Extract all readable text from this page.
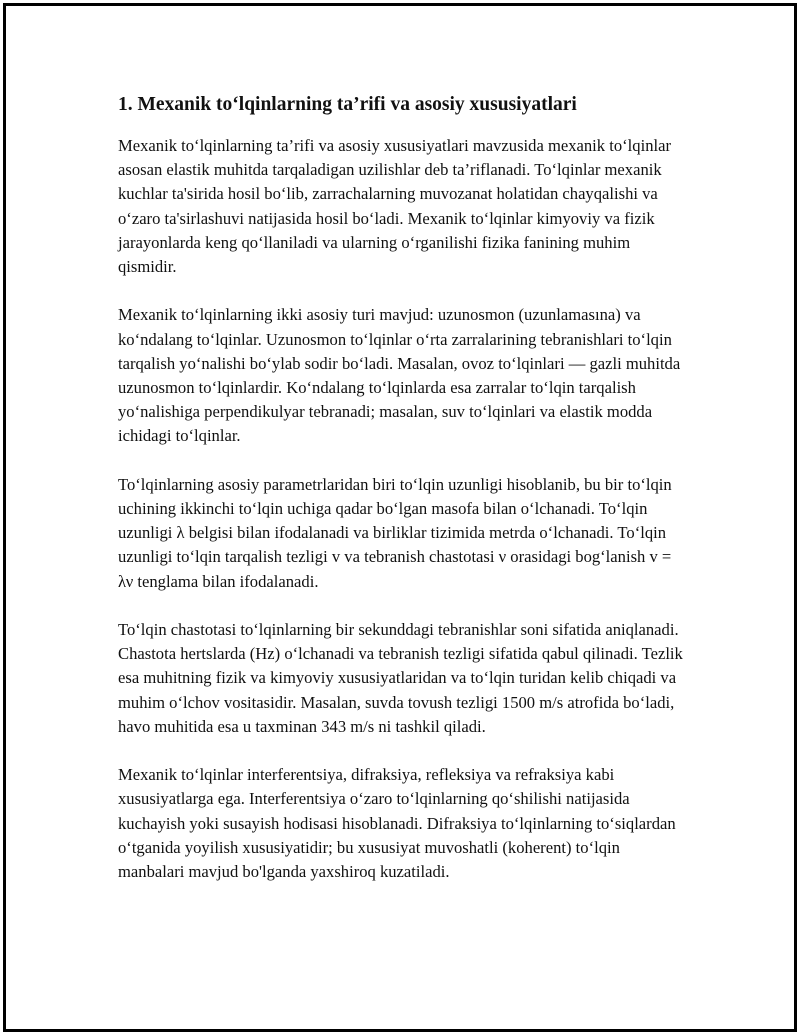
1. Mexanik to‘lqinlarning ta’rifi va asosiy xususiyatlari

Mexanik to‘lqinlarning ta’rifi va asosiy xususiyatlari mavzusida mexanik to‘lqinlar asosan elastik muhitda tarqaladigan uzilishlar deb ta’riflanadi. To‘lqinlar mexanik kuchlar ta'sirida hosil bo‘lib, zarrachalarning muvozanat holatidan chayqalishi va o‘zaro ta'sirlashuvi natijasida hosil bo‘ladi. Mexanik to‘lqinlar kimyoviy va fizik jarayonlarda keng qo‘llaniladi va ularning o‘rganilishi fizika fanining muhim qismidir.

Mexanik to‘lqinlarning ikki asosiy turi mavjud: uzunosmon (uzunlamasına) va ko‘ndalang to‘lqinlar. Uzunosmon to‘lqinlar o‘rta zarralarining tebranishlari to‘lqin tarqalish yo‘nalishi bo‘ylab sodir bo‘ladi. Masalan, ovoz to‘lqinlari — gazli muhitda uzunosmon to‘lqinlardir. Ko‘ndalang to‘lqinlarda esa zarralar to‘lqin tarqalish yo‘nalishiga perpendikulyar tebranadi; masalan, suv to‘lqinlari va elastik modda ichidagi to‘lqinlar.

To‘lqinlarning asosiy parametrlaridan biri to‘lqin uzunligi hisoblanib, bu bir to‘lqin uchining ikkinchi to‘lqin uchiga qadar bo‘lgan masofa bilan o‘lchanadi. To‘lqin uzunligi λ belgisi bilan ifodalanadi va birliklar tizimida metrda o‘lchanadi. To‘lqin uzunligi to‘lqin tarqalish tezligi v va tebranish chastotasi ν orasidagi bog‘lanish v = λν tenglama bilan ifodalanadi.

To‘lqin chastotasi to‘lqinlarning bir sekunddagi tebranishlar soni sifatida aniqlanadi. Chastota hertslarda (Hz) o‘lchanadi va tebranish tezligi sifatida qabul qilinadi. Tezlik esa muhitning fizik va kimyoviy xususiyatlaridan va to‘lqin turidan kelib chiqadi va muhim o‘lchov vositasidir. Masalan, suvda tovush tezligi 1500 m/s atrofida bo‘ladi, havo muhitida esa u taxminan 343 m/s ni tashkil qiladi.

Mexanik to‘lqinlar interferentsiya, difraksiya, refleksiya va refraksiya kabi xususiyatlarga ega. Interferentsiya o‘zaro to‘lqinlarning qo‘shilishi natijasida kuchayish yoki susayish hodisasi hisoblanadi. Difraksiya to‘lqinlarning to‘siqlardan o‘tganida yoyilish xususiyatidir; bu xususiyat muvoshatli (koherent) to‘lqin manbalari mavjud bo'lganda yaxshiroq kuzatiladi.
